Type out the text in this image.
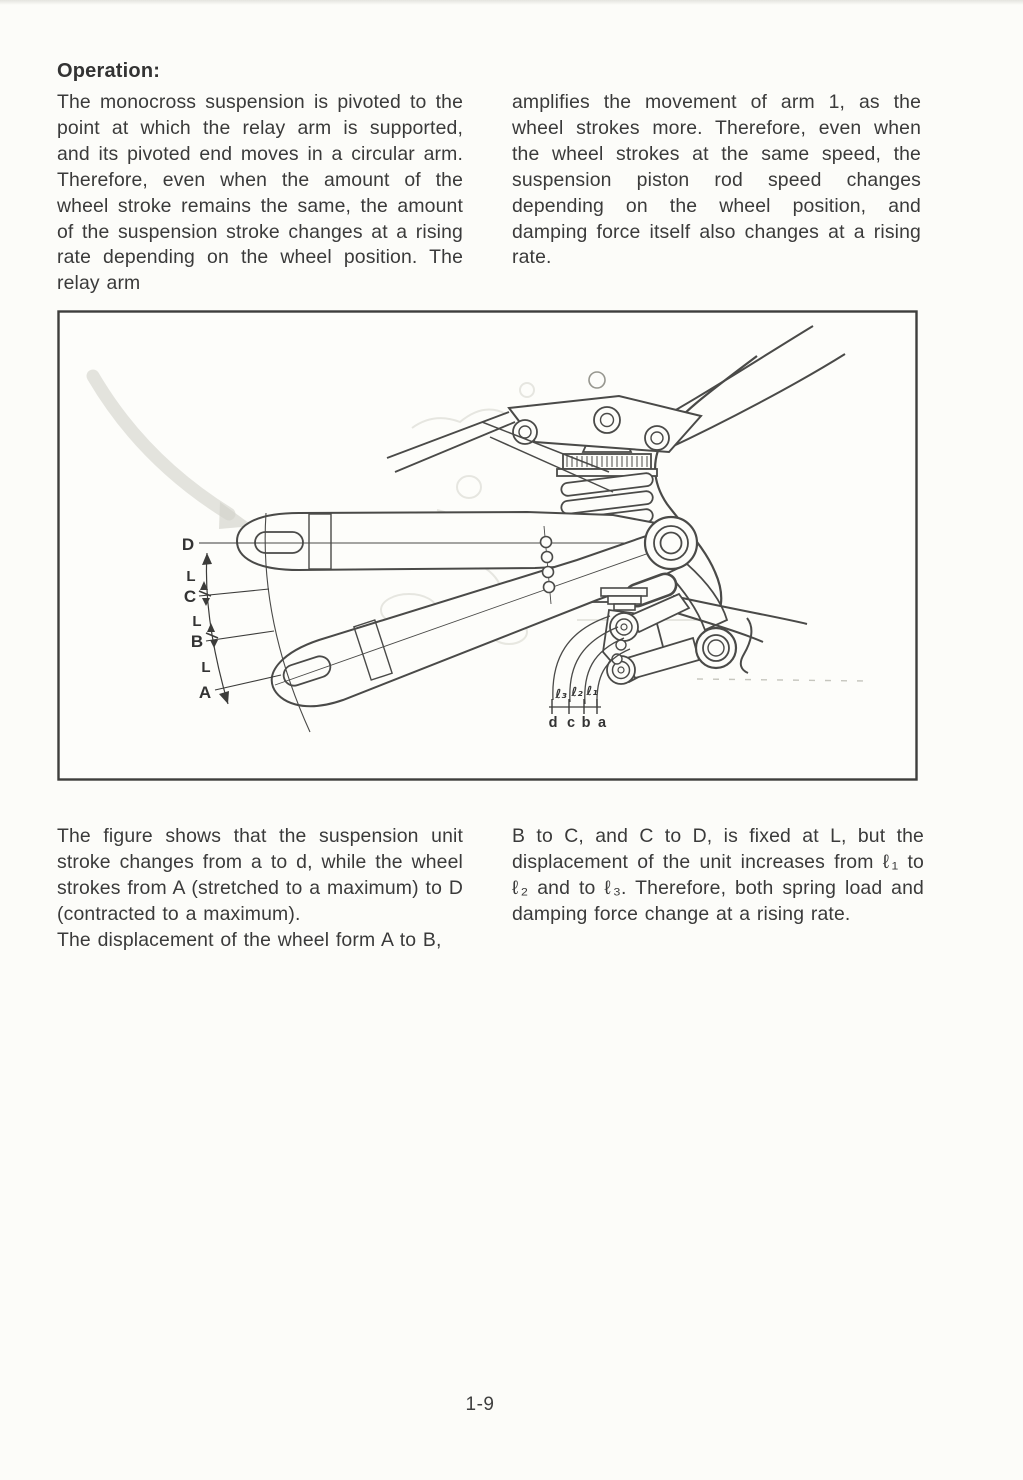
Operation:
The monocross suspension is pivoted to the point at which the relay arm is supported, and its pivoted end moves in a circular arm. Therefore, even when the amount of the wheel stroke remains the same, the amount of the suspension stroke changes at a rising rate depending on the wheel position. The relay arm
amplifies the movement of arm 1, as the wheel strokes more. Therefore, even when the wheel strokes at the same speed, the suspension piston rod speed changes depending on the wheel position, and damping force itself also changes at a rising rate.
D
C
B
A
L
L
L
ℓ₃ ℓ₂ ℓ₁
d c b a

The figure shows that the suspension unit stroke changes from a to d, while the wheel strokes from A (stretched to a maximum) to D (contracted to a maximum).

The displacement of the wheel form A to B,

B to C, and C to D, is fixed at L, but the displacement of the unit increases from ℓ₁ to ℓ₂ and to ℓ₃. Therefore, both spring load and damping force change at a rising rate.
1-9
